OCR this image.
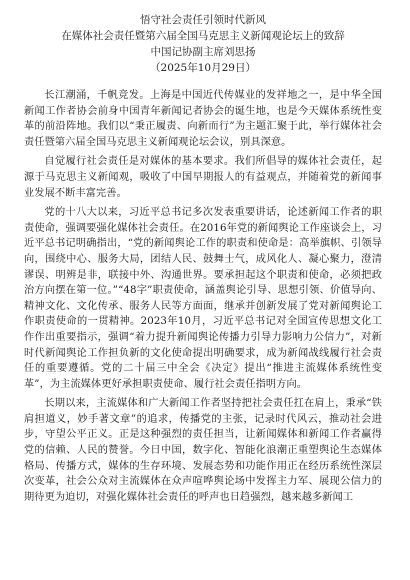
悟守社会责任引领时代新风
在媒体社会责任暨第六届全国马克思主义新闻观论坛上的致辞
中国记协副主席刘思扬
（2025年10月29日）

长江潮涌，千帆竞发。上海是中国近代传媒业的发祥地之一，是中华全国新闻工作者协会前身中国青年新闻记者协会的诞生地，也是今天媒体系统性变革的前沿阵地。我们以“秉正履责、向新而行”为主题汇聚于此，举行媒体社会责任暨第六届全国马克思主义新闻观论坛会议，别具深意。

自觉履行社会责任是对媒体的基本要求。我们所倡导的媒体社会责任，起源于马克思主义新闻观，吸收了中国早期报人的有益观点，并随着党的新闻事业发展不断丰富完善。

党的十八大以来，习近平总书记多次发表重要讲话，论述新闻工作者的职责使命，强调要强化媒体社会责任。在2016年党的新闻舆论工作座谈会上，习近平总书记明确指出，“党的新闻舆论工作的职责和使命是：高举旗帜、引领导向，围绕中心、服务大局，团结人民、鼓舞士气，成风化人、凝心聚力，澄清谬误、明辨是非，联接中外、沟通世界。要承担起这个职责和使命，必须把政治方向摆在第一位。”“48字”职责使命，涵盖舆论引导、思想引领、价值导向、精神文化、文化传承、服务人民等方面面，继承并创新发展了党对新闻舆论工作职责使命的一贯精神。2023年10月，习近平总书记对全国宣传思想文化工作作出重要指示，强调“着力提升新闻舆论传播力引导力影响力公信力”，对新时代新闻舆论工作担负新的文化使命提出明确要求，成为新闻战线履行社会责任的重要遵循。党的二十届三中全会《决定》提出“推进主流媒体系统性变革”，为主流媒体更好承担职责使命、履行社会责任指明方向。

长期以来，主流媒体和广大新闻工作者坚持把社会责任扛在肩上，秉承“铁肩担道义，妙手著文章”的追求，传播党的主张，记录时代风云，推动社会进步，守望公平正义。正是这种强烈的责任担当，让新闻媒体和新闻工作者赢得党的信赖、人民的赞誉。今日中国，数字化、智能化浪潮正重塑舆论生态媒体格局、传播方式，媒体的生存环境、发展态势和功能作用正在经历系统性深层次变革，社会公众对主流媒体在众声喧哗舆论场中发挥主力军、展现公信力的期待更为迫切，对强化媒体社会责任的呼声也日趋强烈，越来越多新闻工
